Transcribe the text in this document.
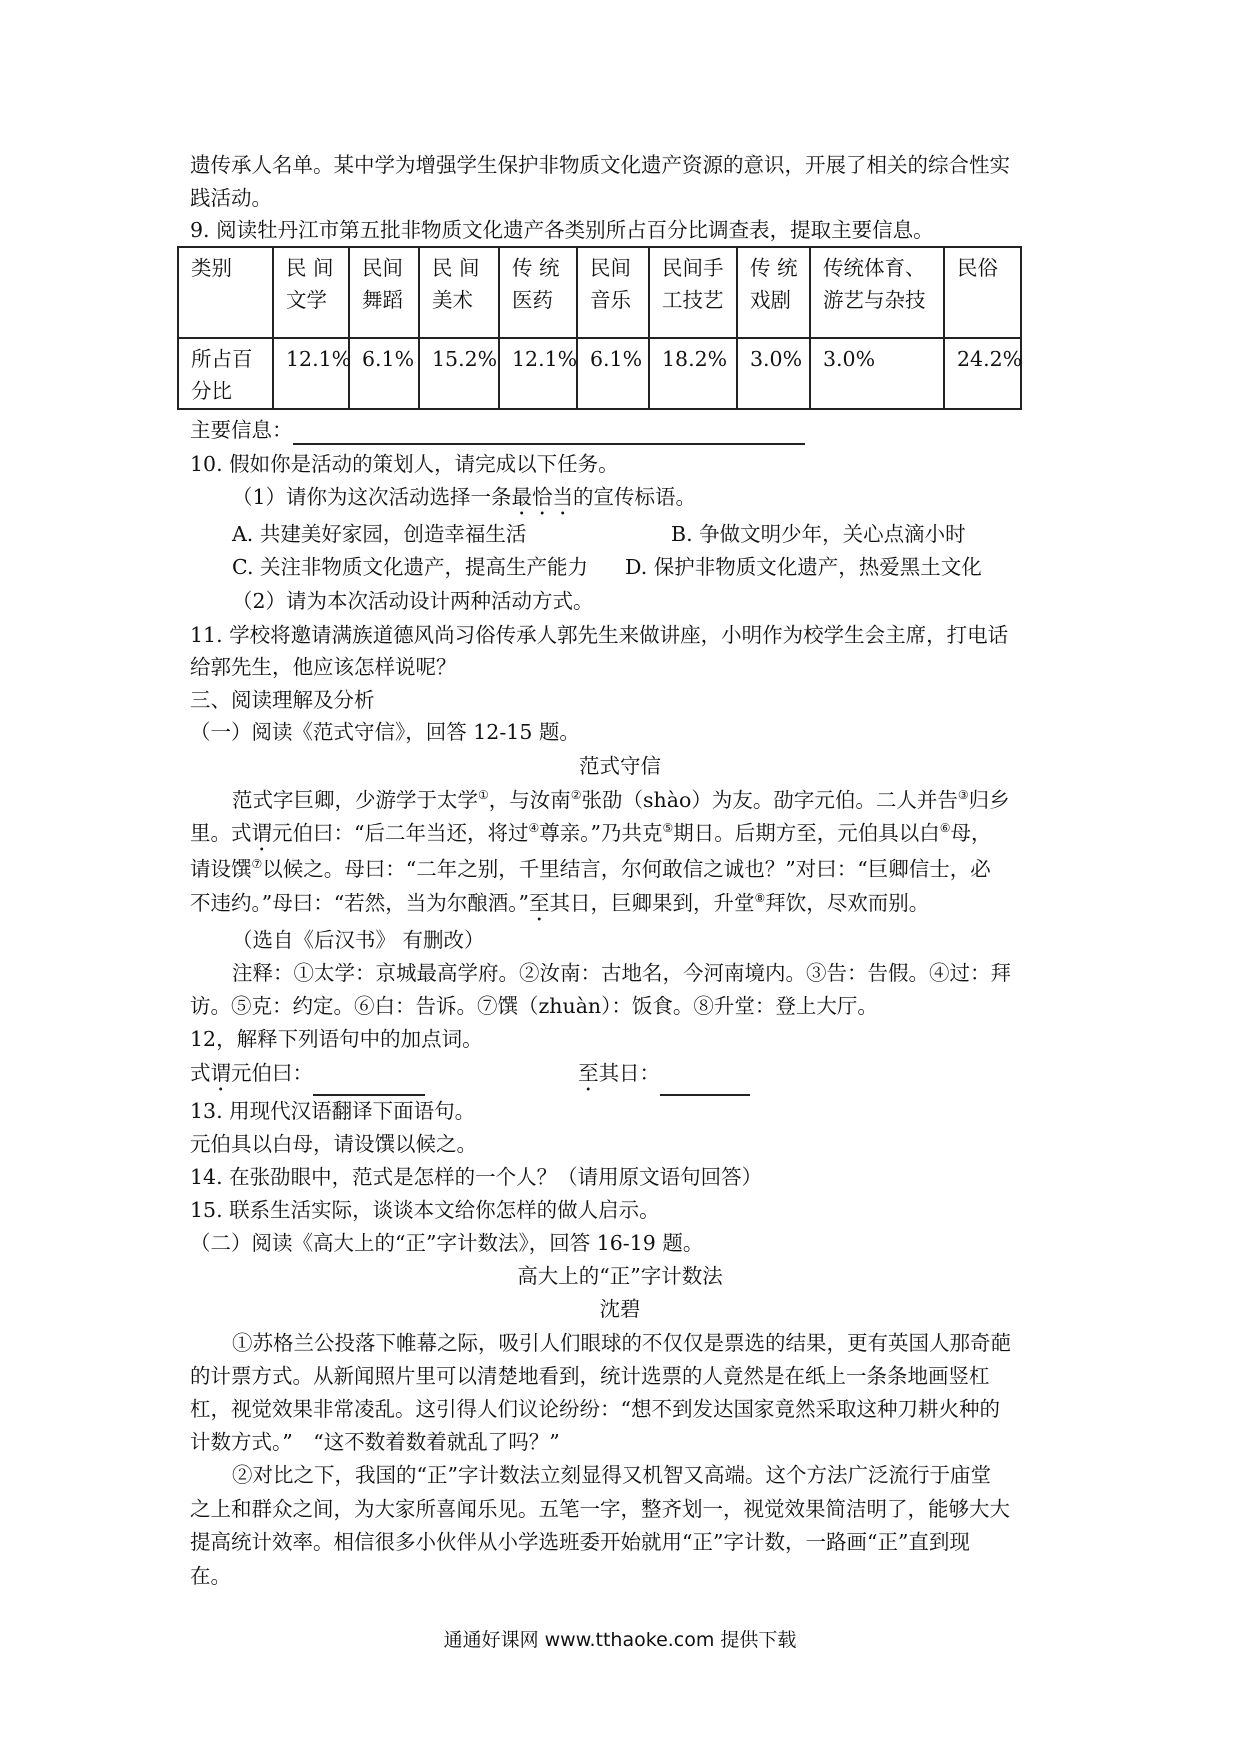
遗传承人名单。某中学为增强学生保护非物质文化遗产资源的意识，开展了相关的综合性实
践活动。
9. 阅读牡丹江市第五批非物质文化遗产各类别所占百分比调查表，提取主要信息。
类别	民 间 文学	民间 舞蹈	民 间 美术	传 统 医药	民间 音乐	民间手 工技艺	传 统 戏剧	传统体育、 游艺与杂技	民俗
所占百 分比	12.1%	6.1%	15.2%	12.1%	6.1%	18.2%	3.0%	3.0%	24.2%
主要信息：
10. 假如你是活动的策划人，请完成以下任务。
（1）请你为这次活动选择一条最恰当的宣传标语。
A. 共建美好家园，创造幸福生活	B. 争做文明少年，关心点滴小时
C. 关注非物质文化遗产，提高生产能力 D. 保护非物质文化遗产，热爱黑土文化
（2）请为本次活动设计两种活动方式。
11. 学校将邀请满族道德风尚习俗传承人郭先生来做讲座，小明作为校学生会主席，打电话
给郭先生，他应该怎样说呢？
三、阅读理解及分析
（一）阅读《范式守信》，回答 12-15 题。
范式守信
范式字巨卿，少游学于太学①，与汝南②张劭（shào）为友。劭字元伯。二人并告③归乡
里。式谓元伯曰：“后二年当还，将过④尊亲。”乃共克⑤期日。后期方至，元伯具以白⑥母，
请设馔⑦以候之。母曰：“二年之别，千里结言，尔何敢信之诚也？”对曰：“巨卿信士，必
不违约。”母曰：“若然，当为尔酿酒。”至其日，巨卿果到，升堂⑧拜饮，尽欢而别。
（选自《后汉书》 有删改）
注释：①太学：京城最高学府。②汝南：古地名，今河南境内。③告：告假。④过：拜
访。⑤克：约定。⑥白：告诉。⑦馔（zhuàn）：饭食。⑧升堂：登上大厅。
12，解释下列语句中的加点词。
式谓元伯曰：	至其日：
13. 用现代汉语翻译下面语句。
元伯具以白母，请设馔以候之。
14. 在张劭眼中，范式是怎样的一个人？（请用原文语句回答）
15. 联系生活实际，谈谈本文给你怎样的做人启示。
（二）阅读《高大上的“正”字计数法》，回答 16-19 题。
高大上的“正”字计数法
沈碧
①苏格兰公投落下帷幕之际，吸引人们眼球的不仅仅是票选的结果，更有英国人那奇葩
的计票方式。从新闻照片里可以清楚地看到，统计选票的人竟然是在纸上一条条地画竖杠
杠，视觉效果非常凌乱。这引得人们议论纷纷：“想不到发达国家竟然采取这种刀耕火种的
计数方式。”　“这不数着数着就乱了吗？”
②对比之下，我国的“正”字计数法立刻显得又机智又高端。这个方法广泛流行于庙堂
之上和群众之间，为大家所喜闻乐见。五笔一字，整齐划一，视觉效果简洁明了，能够大大
提高统计效率。相信很多小伙伴从小学选班委开始就用“正”字计数，一路画“正”直到现
在。
通通好课网 www.tthaoke.com 提供下载
